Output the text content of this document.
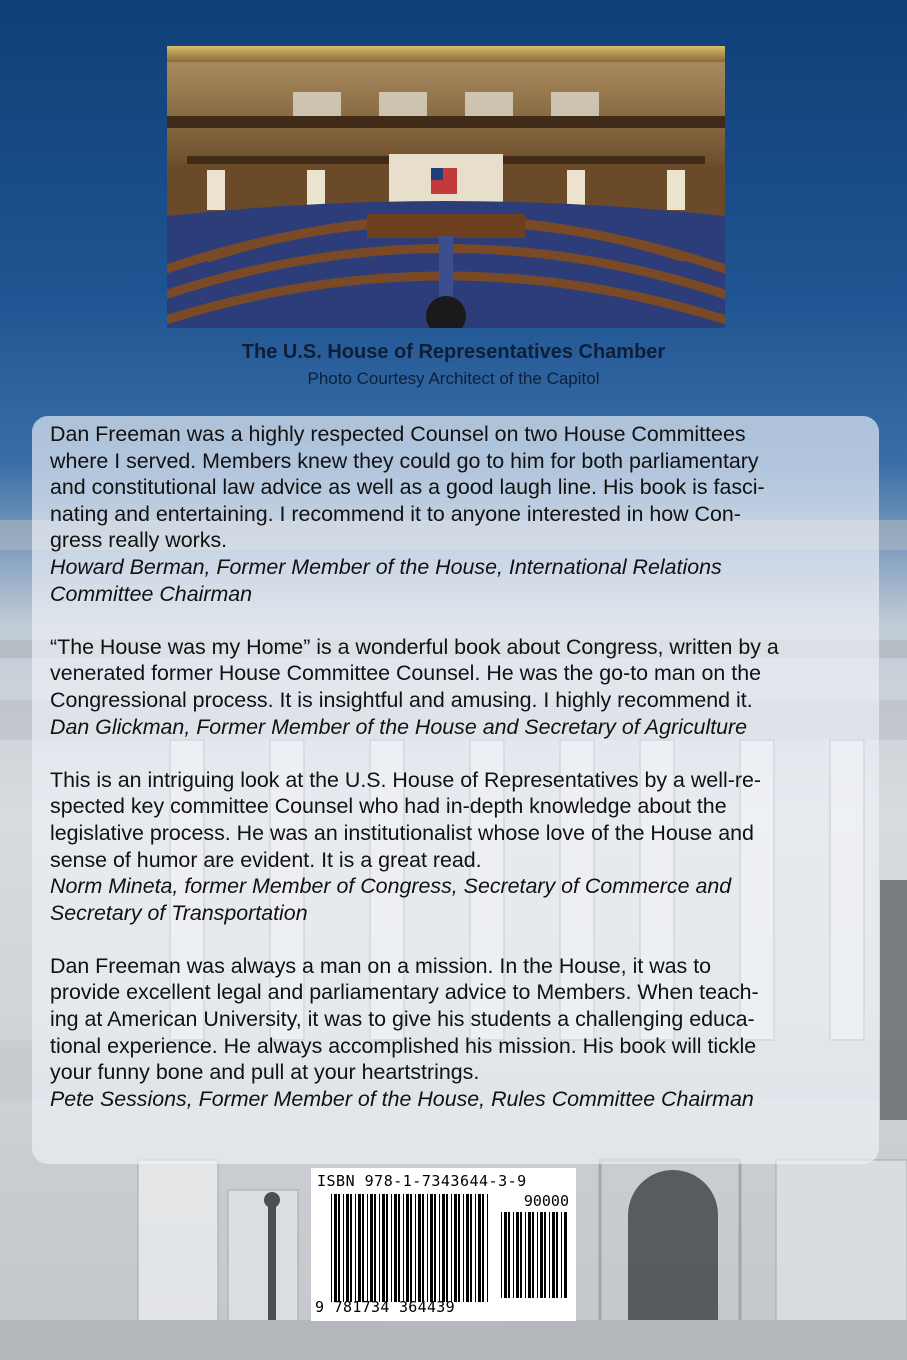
The U.S. House of Representatives Chamber
Photo Courtesy Architect of the Capitol

Dan Freeman was a highly respected Counsel on two House Committees

where I served. Members knew they could go to him for both parliamentary

and constitutional law advice as well as a good laugh line. His book is fasci-

nating and entertaining. I recommend it to anyone interested in how Con-

gress really works.

Howard Berman, Former Member of the House, International Relations

Committee Chairman

“The House was my Home” is a wonderful book about Congress, written by a

venerated former House Committee Counsel. He was the go-to man on the

Congressional process. It is insightful and amusing. I highly recommend it.

Dan Glickman, Former Member of the House and Secretary of Agriculture

This is an intriguing look at the U.S. House of Representatives by a well-re-

spected key committee Counsel who had in-depth knowledge about the

legislative process. He was an institutionalist whose love of the House and

sense of humor are evident. It is a great read.

Norm Mineta, former Member of Congress, Secretary of Commerce and

Secretary of Transportation

Dan Freeman was always a man on a mission. In the House, it was to

provide excellent legal and parliamentary advice to Members. When teach-

ing at American University, it was to give his students a challenging educa-

tional experience. He always accomplished his mission. His book will tickle

your funny bone and pull at your heartstrings.

Pete Sessions, Former Member of the House, Rules Committee Chairman

ISBN 978-1-7343644-3-9
90000
9 781734 364439
